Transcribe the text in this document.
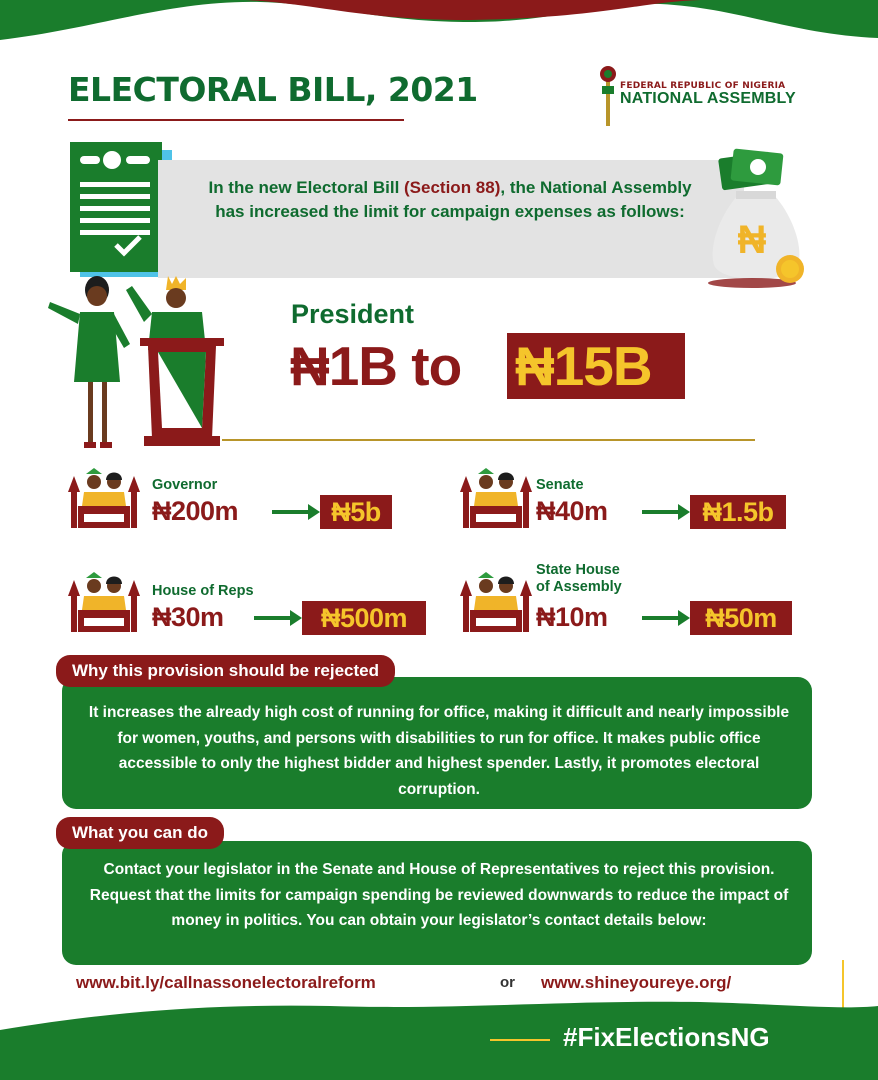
ELECTORAL BILL, 2021	FEDERAL REPUBLIC OF NIGERIA
NATIONAL ASSEMBLY
In the new Electoral Bill (Section 88), the National Assembly has increased the limit for campaign expenses as follows:
₦
President
₦1B to ₦15B
Governor
₦200m	₦5b
Senate
₦40m	₦1.5b
House of Reps
₦30m	₦500m
State House
of Assembly
₦10m	₦50m
Why this provision should be rejected
It increases the already high cost of running for office, making it difficult and nearly impossible for women, youths, and persons with disabilities to run for office. It makes public office accessible to only the highest bidder and highest spender. Lastly, it promotes electoral corruption.
What you can do
Contact your legislator in the Senate and House of Representatives to reject this provision. Request that the limits for campaign spending be reviewed downwards to reduce the impact of money in politics. You can obtain your legislator’s contact details below:
www.bit.ly/callnassonelectoralreform	or www.shineyoureye.org/
#FixElectionsNG
